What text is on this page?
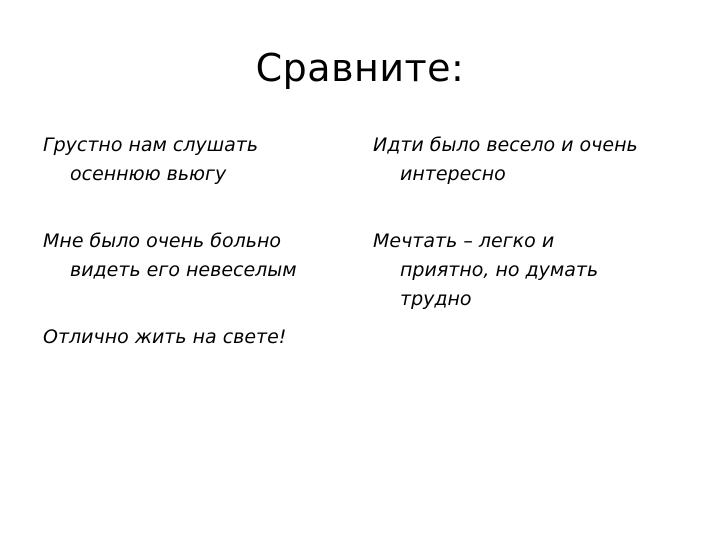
Сравните:
Грустно нам слушать
осеннюю вьюгу
Мне было очень больно
видеть его невеселым
Отлично жить на свете!
Идти было весело и очень
интересно
Мечтать – легко и
приятно, но думать
трудно
